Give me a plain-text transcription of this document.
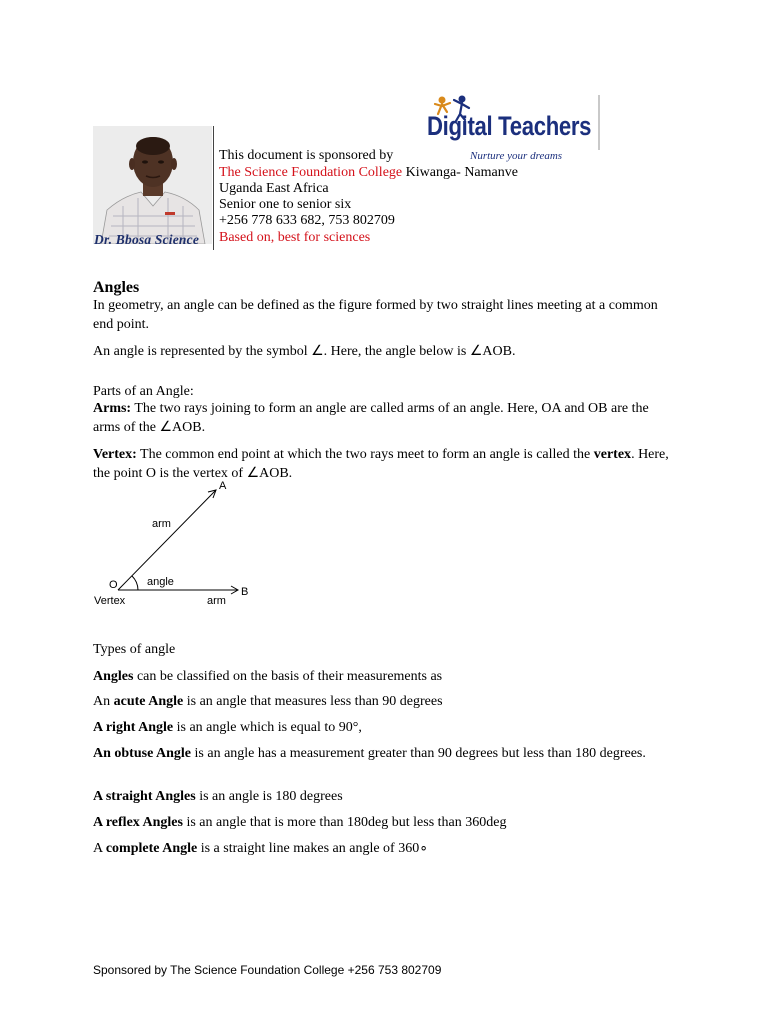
Dr. Bbosa Science
This document is sponsored by
The Science Foundation College Kiwanga- Namanve
Uganda East Africa
Senior one to senior six
+256 778 633 682, 753 802709
Based on, best for sciences
Digital Teachers
Nurture your dreams
Angles
In geometry, an angle can be defined as the figure formed by two straight lines meeting at a common end point.
An angle is represented by the symbol ∠. Here, the angle below is ∠AOB.
Parts of an Angle:
Arms: The two rays joining to form an angle are called arms of an angle. Here, OA and OB are the arms of the ∠AOB.
Vertex: The common end point at which the two rays meet to form an angle is called the vertex. Here, the point O is the vertex of ∠AOB.
A
B
O
arm
angle
Vertex	arm
Types of angle
Angles can be classified on the basis of their measurements as
An acute Angle is an angle that measures less than 90 degrees
A right Angle is an angle which is equal to 90°,
An obtuse Angle is an angle has a measurement greater than 90 degrees but less than 180 degrees.
A straight Angles is an angle is 180 degrees
A reflex Angles is an angle that is more than 180deg but less than 360deg
A complete Angle is a straight line makes an angle of 360∘
Sponsored by The Science Foundation College +256 753 802709
